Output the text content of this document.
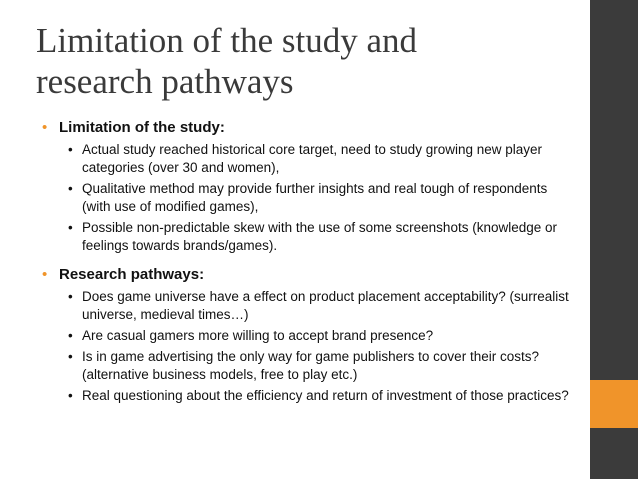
Limitation of the study and
research pathways
• Limitation of the study:
• Actual study reached historical core target, need to study growing new player categories (over 30 and women),
• Qualitative method may provide further insights and real tough of respondents (with use of modified games),
• Possible non-predictable skew with the use of some screenshots (knowledge or feelings towards brands/games).
• Research pathways:
• Does game universe have a effect on product placement acceptability? (surrealist universe, medieval times…)
• Are casual gamers more willing to accept brand presence?
• Is in game advertising the only way for game publishers to cover their costs? (alternative business models, free to play etc.)
• Real questioning about the efficiency and return of investment of those practices?
